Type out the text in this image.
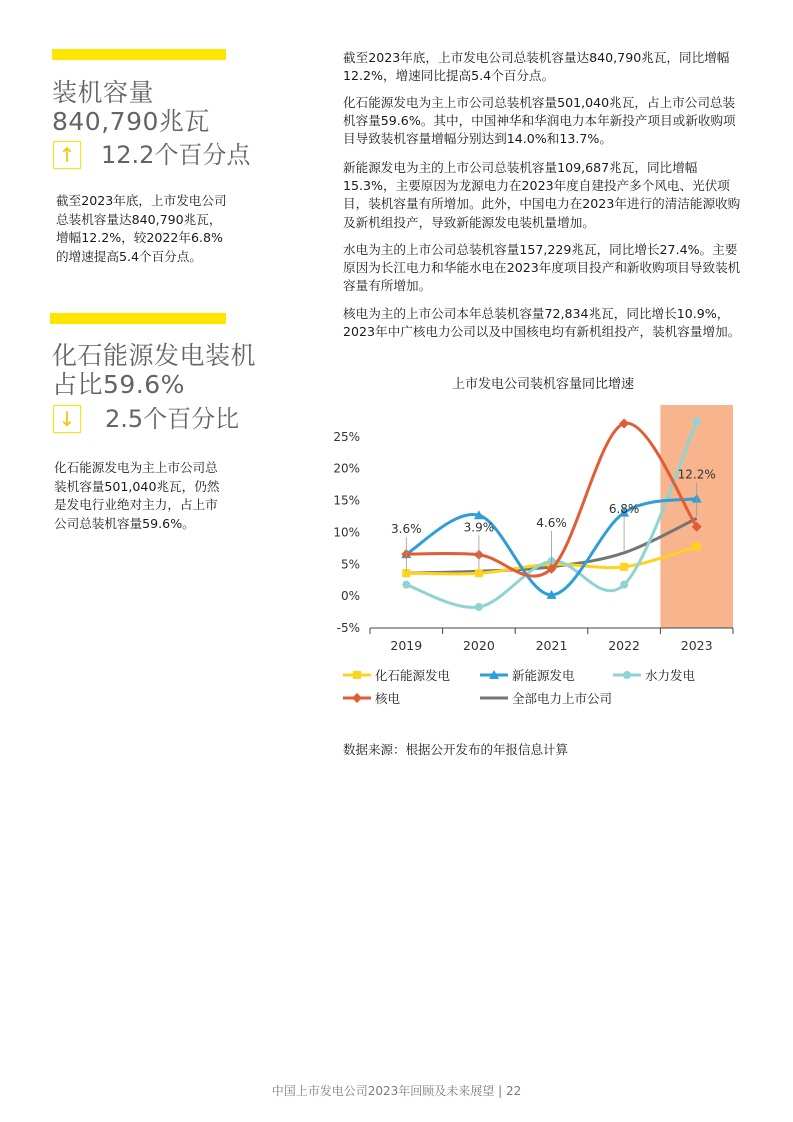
装机容量
840,790兆瓦
↑ 12.2个百分点
截至2023年底，上市发电公司总装机容量达840,790兆瓦，增幅12.2%，较2022年6.8%的增速提高5.4个百分点。
化石能源发电装机
占比59.6%
↓ 2.5个百分比
化石能源发电为主上市公司总装机容量501,040兆瓦，仍然是发电行业绝对主力，占上市公司总装机容量59.6%。

截至2023年底，上市发电公司总装机容量达840,790兆瓦，同比增幅12.2%，增速同比提高5.4个百分点。

化石能源发电为主上市公司总装机容量501,040兆瓦，占上市公司总装机容量59.6%。其中，中国神华和华润电力本年新投产项目或新收购项目导致装机容量增幅分别达到14.0%和13.7%。

新能源发电为主的上市公司总装机容量109,687兆瓦，同比增幅15.3%，主要原因为龙源电力在2023年度自建投产多个风电、光伏项目，装机容量有所增加。此外，中国电力在2023年进行的清洁能源收购及新机组投产，导致新能源发电装机量增加。

水电为主的上市公司总装机容量157,229兆瓦，同比增长27.4%。主要原因为长江电力和华能水电在2023年度项目投产和新收购项目导致装机容量有所增加。

核电为主的上市公司本年总装机容量72,834兆瓦，同比增长10.9%，2023年中广核电力公司以及中国核电均有新机组投产，装机容量增加。

上市发电公司装机容量同比增速
25%
20%
15%
10%
5%
0%
-5%
2019	2020	2021	2022	2023
3.6%	3.9%	4.6%
6.8%
12.2%
化石能源发电	新能源发电	水力发电
核电	全部电力上市公司
数据来源：根据公开发布的年报信息计算
中国上市发电公司2023年回顾及未来展望 | 22
